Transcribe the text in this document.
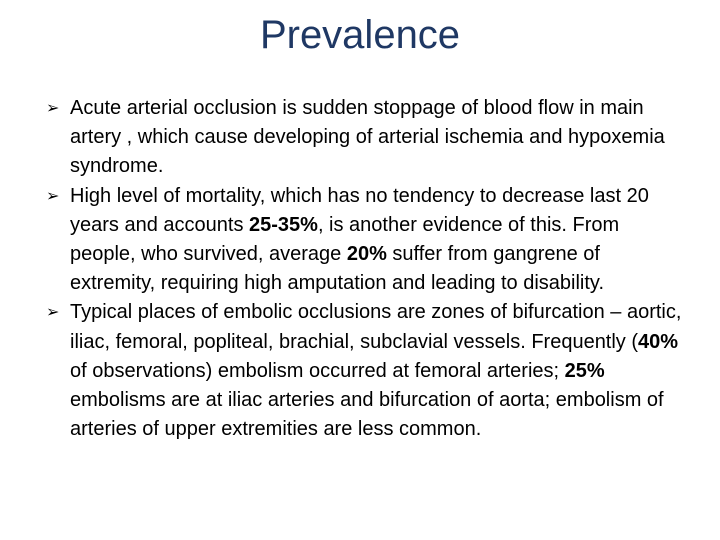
Prevalence
➢ Acute arterial occlusion is sudden stoppage of blood flow in main artery , which cause developing of arterial ischemia and hypoxemia syndrome.
➢ High level of mortality, which has no tendency to decrease last 20 years and accounts 25-35%, is another evidence of this. From people, who survived, average 20% suffer from gangrene of extremity, requiring high amputation and leading to disability.
➢ Typical places of embolic occlusions are zones of bifurcation – aortic, iliac, femoral, popliteal, brachial, subclavial vessels. Frequently (40% of observations) embolism occurred at femoral arteries; 25% embolisms are at iliac arteries and bifurcation of aorta; embolism of arteries of upper extremities are less common.
